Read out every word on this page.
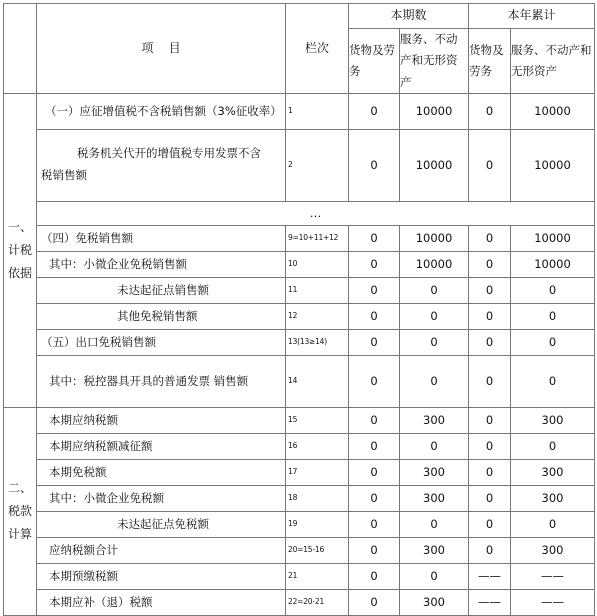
	项    目	栏次	本期数		本年累计	
			货物及劳务	服务、不动产和无形资产	货物及劳务	服务、不动产和无形资产
一、计税依据	（一）应征增值税不含税销售额（3%征收率）	1	0	10000	0	10000
	税务机关代开的增值税专用发票不含税销售额	2	0	10000	0	10000
	…					
	（四）免税销售额	9=10+11+12	0	10000	0	10000
	其中：小微企业免税销售额	10	0	10000	0	10000
	未达起征点销售额	11	0	0	0	0
	其他免税销售额	12	0	0	0	0
	（五）出口免税销售额	13(13≥14)	0	0	0	0
	其中：税控器具开具的普通发票 销售额	14	0	0	0	0
二、税款计算	本期应纳税额	15	0	300	0	300
	本期应纳税额减征额	16	0	0	0	0
	本期免税额	17	0	300	0	300
	其中：小微企业免税额	18	0	300	0	300
	未达起征点免税额	19	0	0	0	0
	应纳税额合计	20=15-16	0	300	0	300
	本期预缴税额	21	0	0	——	——
	本期应补（退）税额	22=20-21	0	300	——	——
